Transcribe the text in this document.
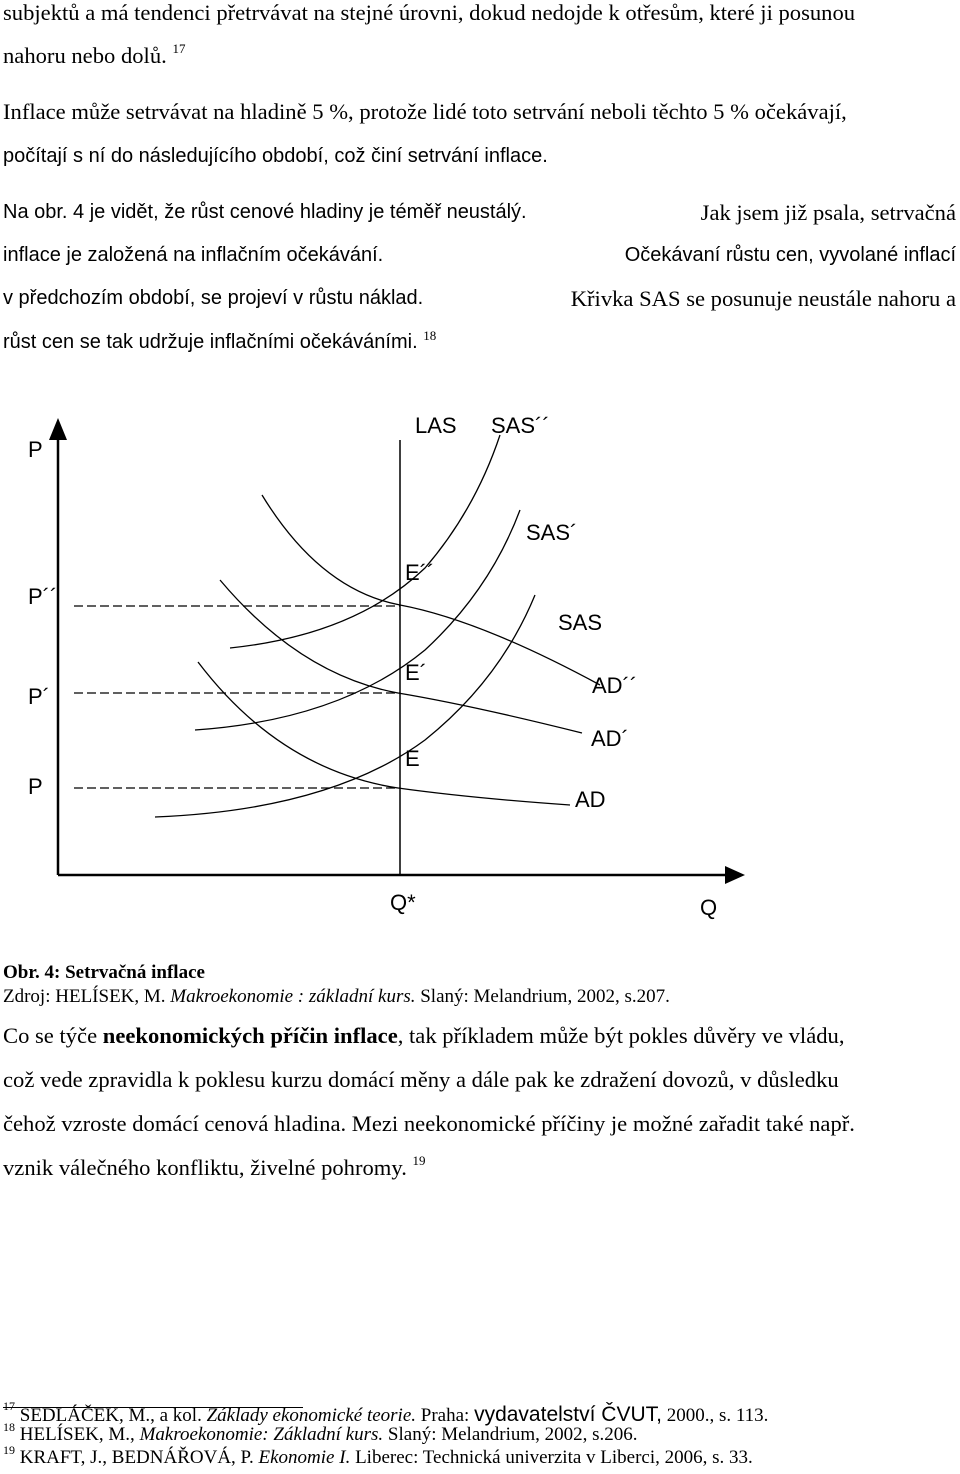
subjektů a má tendenci přetrvávat na stejné úrovni, dokud nedojde k otřesům, které ji posunou
nahoru nebo dolů. $^{17}$
Inflace může setrvávat na hladině 5 %, protože lidé toto setrvání neboli těchto 5 % očekávají,
počítají s ní do následujícího období, což činí setrvání inflace.
Na obr. 4 je vidět, že růst cenové hladiny je téměř neustálý.	Jak jsem již psala, setrvačná
inflace je založená na inflačním očekávání.	Očekávaní růstu cen, vyvolané inflací
v předchozím období, se projeví v růstu náklad.	Křivka SAS se posunuje neustále nahoru a
růst cen se tak udržuje inflačními očekáváními. $^{18}$
P
LAS SAS´´
SAS´
E´´
P´´
SAS
E´
AD´´
P´
AD´
E
P
AD
Q*	Q
Obr. 4: Setrvačná inflace
Zdroj: HELÍSEK, M. Makroekonomie : základní kurs. Slaný: Melandrium, 2002, s.207.
Co se týče neekonomických příčin inflace, tak příkladem může být pokles důvěry ve vládu,
což vede zpravidla k poklesu kurzu domácí měny a dále pak ke zdražení dovozů, v důsledku
čehož vzroste domácí cenová hladina. Mezi neekonomické příčiny je možné zařadit také např.
vznik válečného konfliktu, živelné pohromy. $^{19}$
$^{17}$ SEDLÁČEK, M., a kol. Základy ekonomické teorie. Praha: vydavatelství ČVUT, 2000., s. 113.
$^{18}$ HELÍSEK, M., Makroekonomie: Základní kurs. Slaný: Melandrium, 2002, s.206.
$^{19}$ KRAFT, J., BEDNÁŘOVÁ, P. Ekonomie I. Liberec: Technická univerzita v Liberci, 2006, s. 33.
